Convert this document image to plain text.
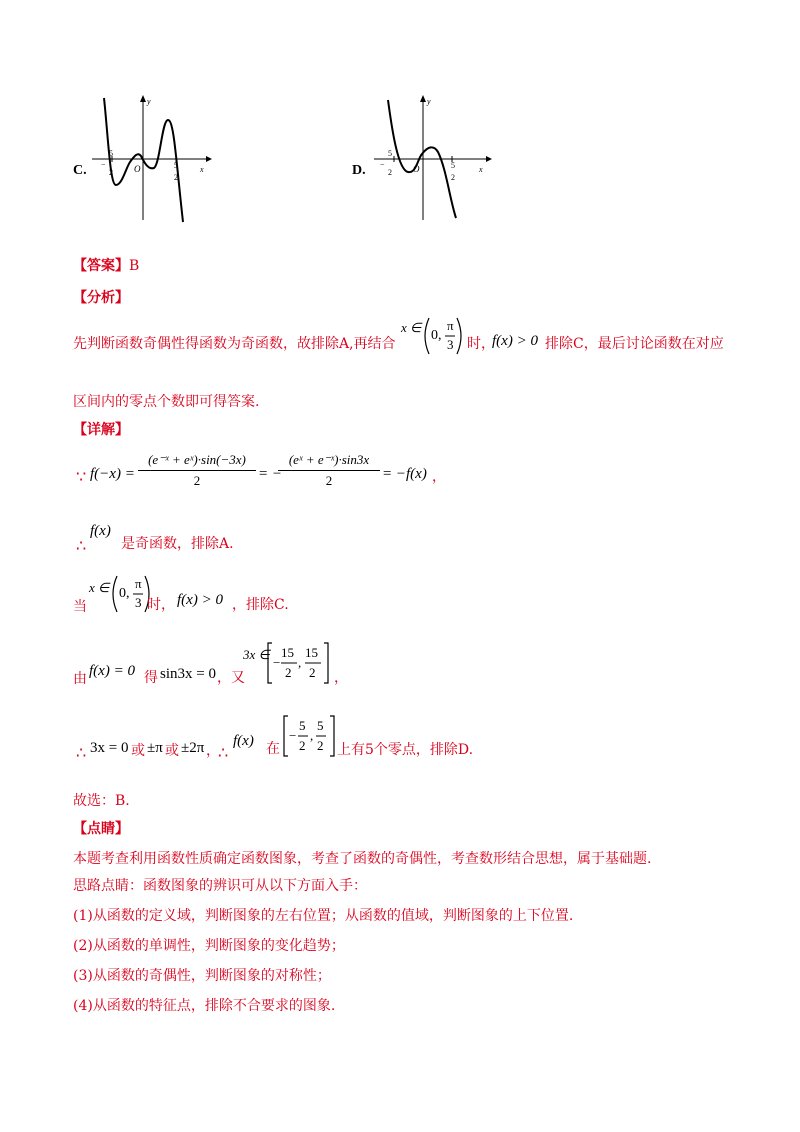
C.
5
−
2
5
2
O	x
y
D.
5
−
2
5
2
O	x
y
【答案】B
【分析】
先判断函数奇偶性得函数为奇函数，故排除A,再结合
x ∈
0,
π
3 时，
f(x) > 0 排除C，最后讨论函数在对应
区间内的零点个数即可得答案.
【详解】
∵ f(−x) =
(e⁻ˣ + eˣ)·sin(−3x)
2	= −
(eˣ + e⁻ˣ)·sin3x
2	= −f(x) ，
∴
f(x)
是奇函数，排除A.
当
x ∈ 0,
π
3 时， f(x) > 0 ，排除C.
由 f(x) = 0 得 sin3x = 0 ，又
3x ∈
−
15
2
,
15
2 ，
∴ 3x = 0 或 ±π 或 ±2π ，
∴
f(x) 在
−
5
2
,
5
2 上有5个零点，排除D.
故选：B.
【点睛】
本题考查利用函数性质确定函数图象，考查了函数的奇偶性，考查数形结合思想，属于基础题.
思路点睛：函数图象的辨识可从以下方面入手：
(1)从函数的定义域，判断图象的左右位置；从函数的值域，判断图象的上下位置.
(2)从函数的单调性，判断图象的变化趋势；
(3)从函数的奇偶性，判断图象的对称性；
(4)从函数的特征点，排除不合要求的图象.
